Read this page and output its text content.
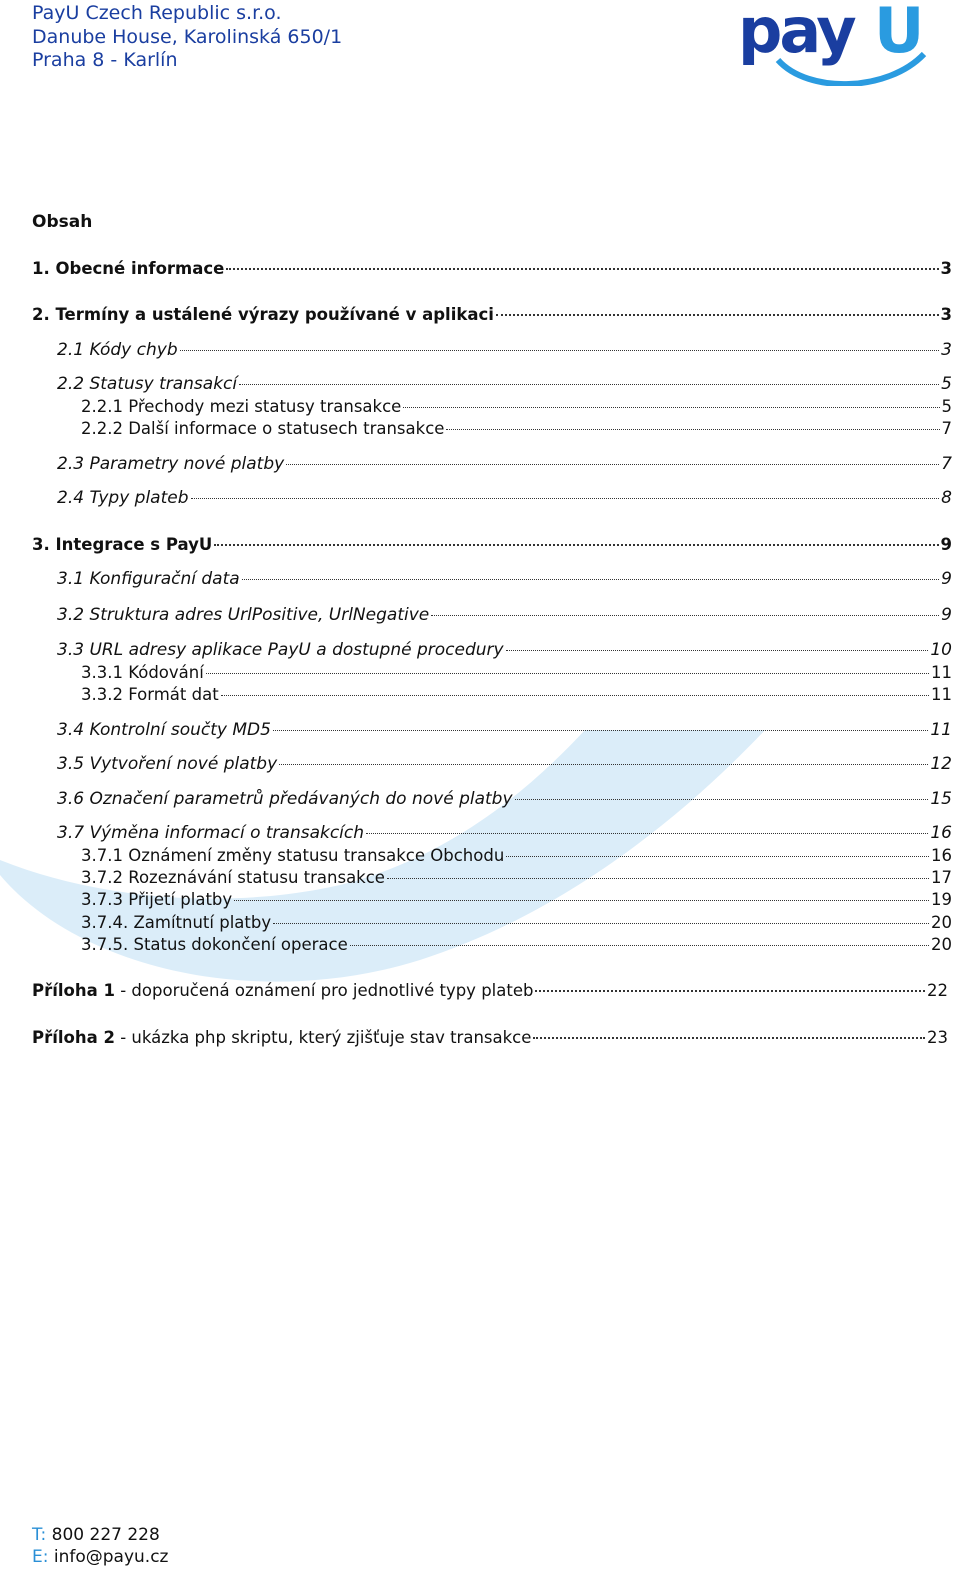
PayU Czech Republic s.r.o.
Danube House, Karolinská 650/1
Praha 8 - Karlín	pay U
Obsah
1. Obecné informace	3
2. Termíny a ustálené výrazy používané v aplikaci	3
2.1 Kódy chyb	3
2.2 Statusy transakcí	5
2.2.1 Přechody mezi statusy transakce	5
2.2.2 Další informace o statusech transakce	7
2.3 Parametry nové platby	7
2.4 Typy plateb	8
3. Integrace s PayU	9
3.1 Konfigurační data	9
3.2 Struktura adres UrlPositive, UrlNegative	9
3.3 URL adresy aplikace PayU a dostupné procedury	10
3.3.1 Kódování	11
3.3.2 Formát dat	11
3.4 Kontrolní součty MD5	11
3.5 Vytvoření nové platby	12
3.6 Označení parametrů předávaných do nové platby	15
3.7 Výměna informací o transakcích	16
3.7.1 Oznámení změny statusu transakce Obchodu	16
3.7.2 Rozeznávání statusu transakce	17
3.7.3 Přijetí platby	19
3.7.4. Zamítnutí platby	20
3.7.5. Status dokončení operace	20
Příloha 1 - doporučená oznámení pro jednotlivé typy plateb	22
Příloha 2 - ukázka php skriptu, který zjišťuje stav transakce	23
T: 800 227 228
E: info@payu.cz
